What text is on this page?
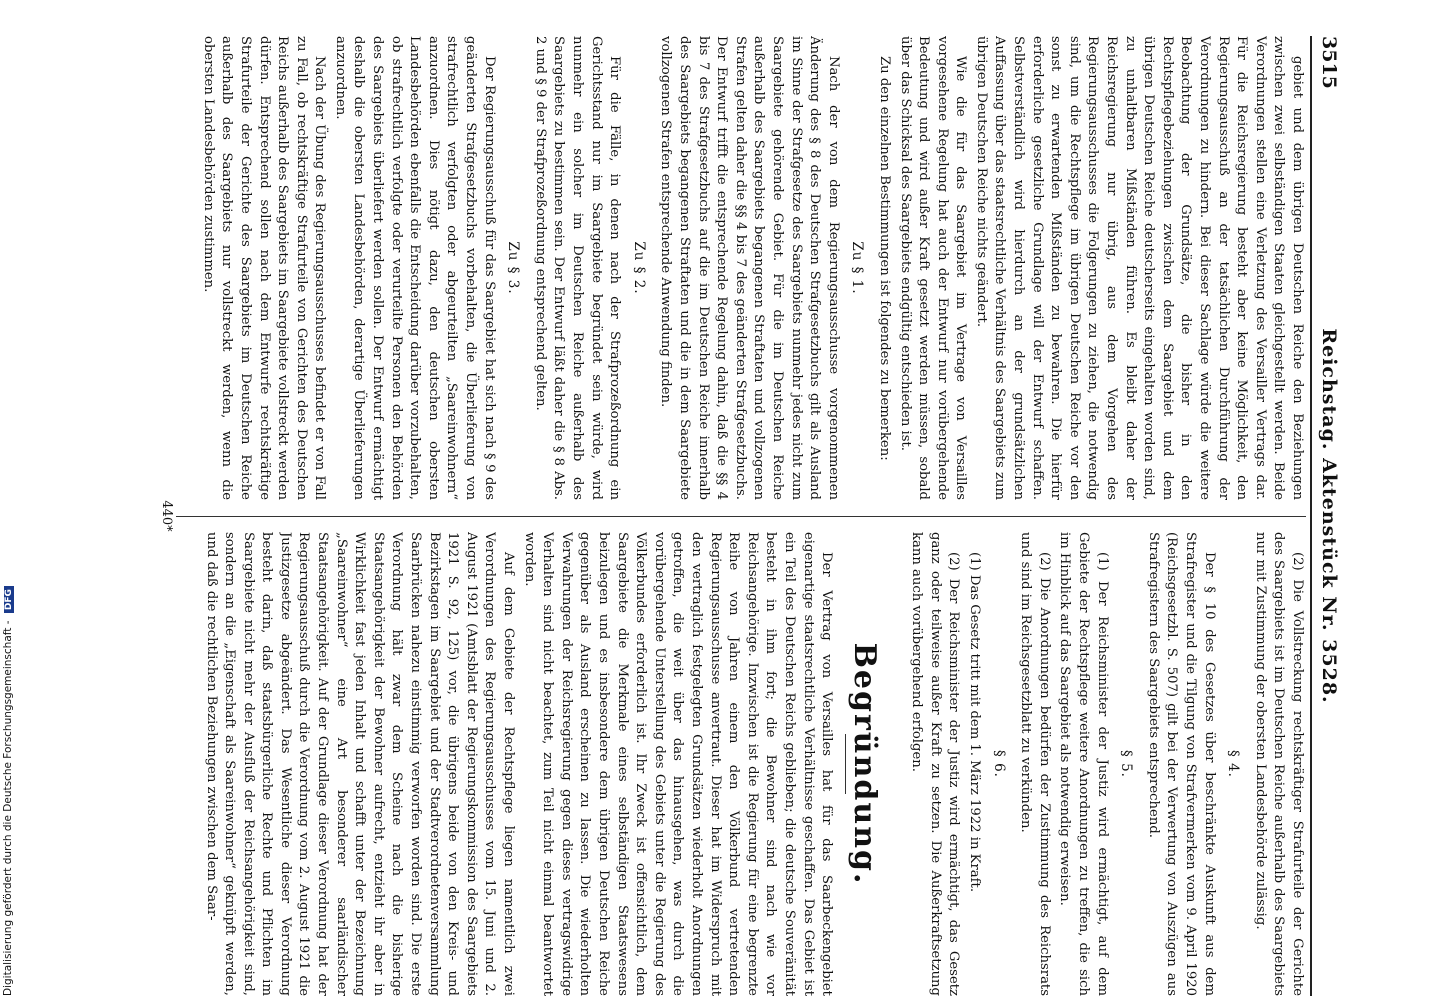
3515
Reichstag. Aktenstück Nr. 3528.

gebiet und dem übrigen Deutschen Reiche den Beziehungen zwischen zwei selbständigen Staaten gleichgestellt werden. Beide Verordnungen stellen eine Verletzung des Versailler Vertrags dar. Für die Reichsregierung besteht aber keine Möglichkeit, den Regierungsausschuß an der tatsächlichen Durchführung der Verordnungen zu hindern. Bei dieser Sachlage würde die weitere Beobachtung der Grundsätze, die bisher in den Rechtspflegebeziehungen zwischen dem Saargebiet und dem übrigen Deutschen Reiche deutscherseits eingehalten worden sind, zu unhaltbaren Mißständen führen. Es bleibt daher der Reichsregierung nur übrig, aus dem Vorgehen des Regierungsausschusses die Folgerungen zu ziehen, die notwendig sind, um die Rechtspflege im übrigen Deutschen Reiche vor den sonst zu erwartenden Mißständen zu bewahren. Die hierfür erforderliche gesetzliche Grundlage will der Entwurf schaffen. Selbstverständlich wird hierdurch an der grundsätzlichen Auffassung über das staatsrechtliche Verhältnis des Saargebiets zum übrigen Deutschen Reiche nichts geändert.

Wie die für das Saargebiet im Vertrage von Versailles vorgesehene Regelung hat auch der Entwurf nur vorübergehende Bedeutung und wird außer Kraft gesetzt werden müssen, sobald über das Schicksal des Saargebiets endgültig entschieden ist.

Zu den einzelnen Bestimmungen ist folgendes zu bemerken:

Zu § 1.

Nach der von dem Regierungsausschusse vorgenommenen Änderung des § 8 des Deutschen Strafgesetzbuchs gilt als Ausland im Sinne der Strafgesetze des Saargebiets nunmehr jedes nicht zum Saargebiete gehörende Gebiet. Für die im Deutschen Reiche außerhalb des Saargebiets begangenen Straftaten und vollzogenen Strafen gelten daher die §§ 4 bis 7 des geänderten Strafgesetzbuchs. Der Entwurf trifft die entsprechende Regelung dahin, daß die §§ 4 bis 7 des Strafgesetzbuchs auf die im Deutschen Reiche innerhalb des Saargebiets begangenen Straftaten und die in dem Saargebiete vollzogenen Strafen entsprechende Anwendung finden.

Zu § 2.

Für die Fälle, in denen nach der Strafprozeßordnung ein Gerichtsstand nur im Saargebiete begründet sein würde, wird nunmehr ein solcher im Deutschen Reiche außerhalb des Saargebiets zu bestimmen sein. Der Entwurf läßt daher die § 8 Abs. 2 und § 9 der Strafprozeßordnung entsprechend gelten.

Zu § 3.

Der Regierungsausschuß für das Saargebiet hat sich nach § 9 des geänderten Strafgesetzbuchs vorbehalten, die Überlieferung von strafrechtlich verfolgten oder abgeurteilten „Saareinwohnern“ anzuordnen. Dies nötigt dazu, den deutschen obersten Landesbehörden ebenfalls die Entscheidung darüber vorzubehalten, ob strafrechtlich verfolgte oder verurteilte Personen den Behörden des Saargebiets überliefert werden sollen. Der Entwurf ermächtigt deshalb die obersten Landesbehörden, derartige Überlieferungen anzuordnen.

Nach der Übung des Regierungsausschusses befindet er von Fall zu Fall, ob rechtskräftige Strafurteile von Gerichten des Deutschen Reichs außerhalb des Saargebiets im Saargebiete vollstreckt werden dürfen. Entsprechend sollen nach dem Entwurfe rechtskräftige Strafurteile der Gerichte des Saargebiets im Deutschen Reiche außerhalb des Saargebiets nur vollstreckt werden, wenn die obersten Landesbehörden zustimmen.

(2) Die Vollstreckung rechtskräftiger Strafurteile der Gerichte des Saargebiets ist im Deutschen Reiche außerhalb des Saargebiets nur mit Zustimmung der obersten Landesbehörde zulässig.

§ 4.

Der § 10 des Gesetzes über beschränkte Auskunft aus dem Strafregister und die Tilgung von Strafvermerken vom 9. April 1920 (Reichsgesetzbl. S. 507) gilt bei der Verwertung von Auszügen aus Strafregistern des Saargebiets entsprechend.

§ 5.

(1) Der Reichsminister der Justiz wird ermächtigt, auf dem Gebiete der Rechtspflege weitere Anordnungen zu treffen, die sich im Hinblick auf das Saargebiet als notwendig erweisen.

(2) Die Anordnungen bedürfen der Zustimmung des Reichsrats und sind im Reichsgesetzblatt zu verkünden.

§ 6.

(1) Das Gesetz tritt mit dem 1. März 1922 in Kraft.

(2) Der Reichsminister der Justiz wird ermächtigt, das Gesetz ganz oder teilweise außer Kraft zu setzen. Die Außerkraftsetzung kann auch vorübergehend erfolgen.

Begründung.

Der Vertrag von Versailles hat für das Saarbeckengebiet eigenartige staatsrechtliche Verhältnisse geschaffen. Das Gebiet ist ein Teil des Deutschen Reichs geblieben; die deutsche Souveränität besteht in ihm fort; die Bewohner sind nach wie vor Reichsangehörige. Inzwischen ist die Regierung für eine begrenzte Reihe von Jahren einem den Völkerbund vertretenden Regierungsausschusse anvertraut. Dieser hat im Widerspruch mit den vertraglich festgelegten Grundsätzen wiederholt Anordnungen getroffen, die weit über das hinausgehen, was durch die vorübergehende Unterstellung des Gebiets unter die Regierung des Völkerbundes erforderlich ist. Ihr Zweck ist offensichtlich, dem Saargebiete die Merkmale eines selbständigen Staatswesens beizulegen und es insbesondere dem übrigen Deutschen Reiche gegenüber als Ausland erscheinen zu lassen. Die wiederholten Verwahrungen der Reichsregierung gegen dieses vertragswidrige Verhalten sind nicht beachtet, zum Teil nicht einmal beantwortet worden.

Auf dem Gebiete der Rechtspflege liegen namentlich zwei Verordnungen des Regierungsausschusses vom 15. Juni und 2. August 1921 (Amtsblatt der Regierungskommission des Saargebiets 1921 S. 92, 125) vor, die übrigens beide von den Kreis- und Bezirkstagen im Saargebiet und der Stadtverordnetenversammlung Saarbrücken nahezu einstimmig verworfen worden sind. Die erste Verordnung hält zwar dem Scheine nach die bisherige Staatsangehörigkeit der Bewohner aufrecht, entzieht ihr aber in Wirklichkeit fast jeden Inhalt und schafft unter der Bezeichnung „Saareinwohner“ eine Art besonderer saarländischer Staatsangehörigkeit. Auf der Grundlage dieser Verordnung hat der Regierungsausschuß durch die Verordnung vom 2. August 1921 die Justizgesetze abgeändert. Das Wesentliche dieser Verordnung besteht darin, daß staatsbürgerliche Rechte und Pflichten im Saargebiete nicht mehr der Ausfluß der Reichsangehörigkeit sind, sondern an die „Eigenschaft als Saareinwohner“ geknüpft werden, und daß die rechtlichen Beziehungen zwischen dem Saar-

440*
Digitalisierung gefördert durch die Deutsche Forschungsgemeinschaft - DFG
